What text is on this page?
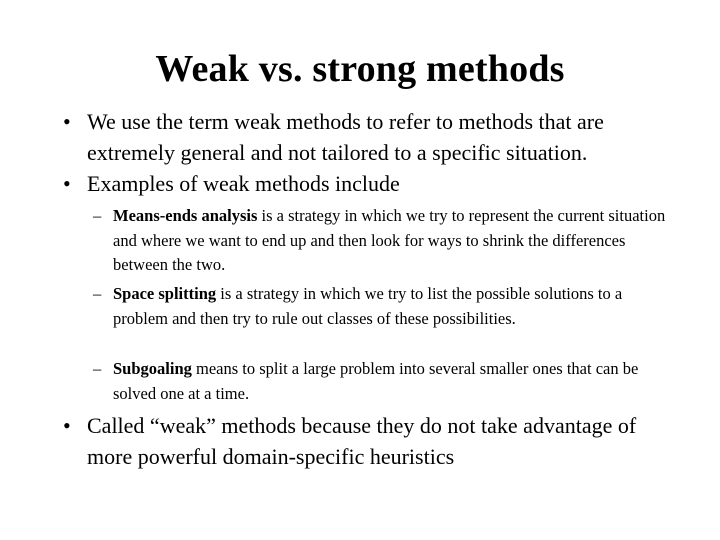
Weak vs. strong methods
• We use the term weak methods to refer to methods that are extremely general and not tailored to a specific situation.
• Examples of weak methods include
– Means-ends analysis is a strategy in which we try to represent the current situation and where we want to end up and then look for ways to shrink the differences between the two.
– Space splitting is a strategy in which we try to list the possible solutions to a problem and then try to rule out classes of these possibilities.
– Subgoaling means to split a large problem into several smaller ones that can be solved one at a time.
• Called “weak” methods because they do not take advantage of more powerful domain-specific heuristics
